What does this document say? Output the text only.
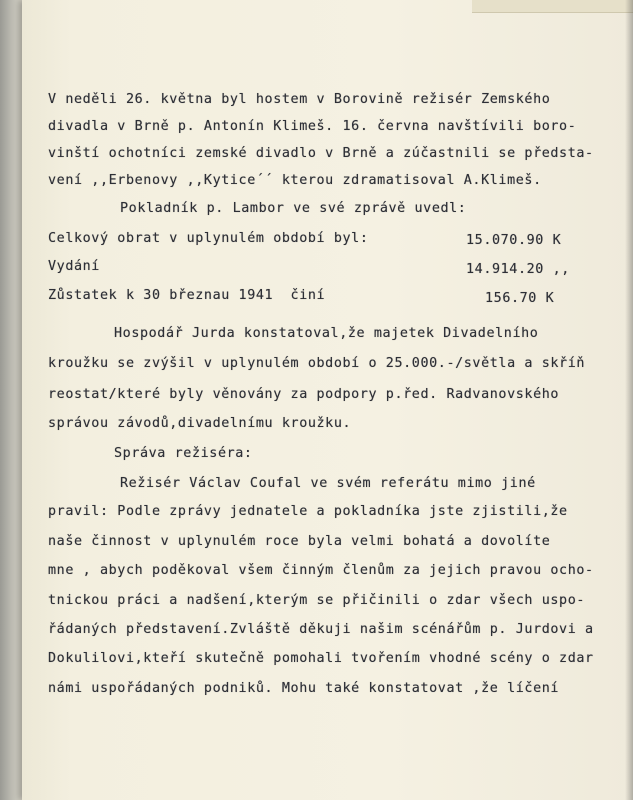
V neděli 26. května byl hostem v Borovině režisér Zemského
divadla v Brně p. Antonín Klimeš. 16. června navštívili boro-
vinští ochotníci zemské divadlo v Brně a zúčastnili se předsta-
vení ,,Erbenovy ,,Kytice´´ kterou zdramatisoval A.Klimeš.
Pokladník p. Lambor ve své zprávě uvedl:
Celkový obrat v uplynulém období byl:	15.070.90 K
Vydání	14.914.20 ,,
Zůstatek k 30 březnau 1941  činí	156.70 K
Hospodář Jurda konstatoval,že majetek Divadelního
kroužku se zvýšil v uplynulém období o 25.000.-/světla a skříň
reostat/které byly věnovány za podpory p.řed. Radvanovského
správou závodů,divadelnímu kroužku.
Správa režiséra:
Režisér Václav Coufal ve svém referátu mimo jiné
pravil: Podle zprávy jednatele a pokladníka jste zjistili,že
naše činnost v uplynulém roce byla velmi bohatá a dovolíte
mne , abych poděkoval všem činným členům za jejich pravou ocho-
tnickou práci a nadšení,kterým se přičinili o zdar všech uspo-
řádaných představení.Zvláště děkuji našim scénářům p. Jurdovi a
Dokulilovi,kteří skutečně pomohali tvořením vhodné scény o zdar
námi uspořádaných podniků. Mohu také konstatovat ,že líčení
